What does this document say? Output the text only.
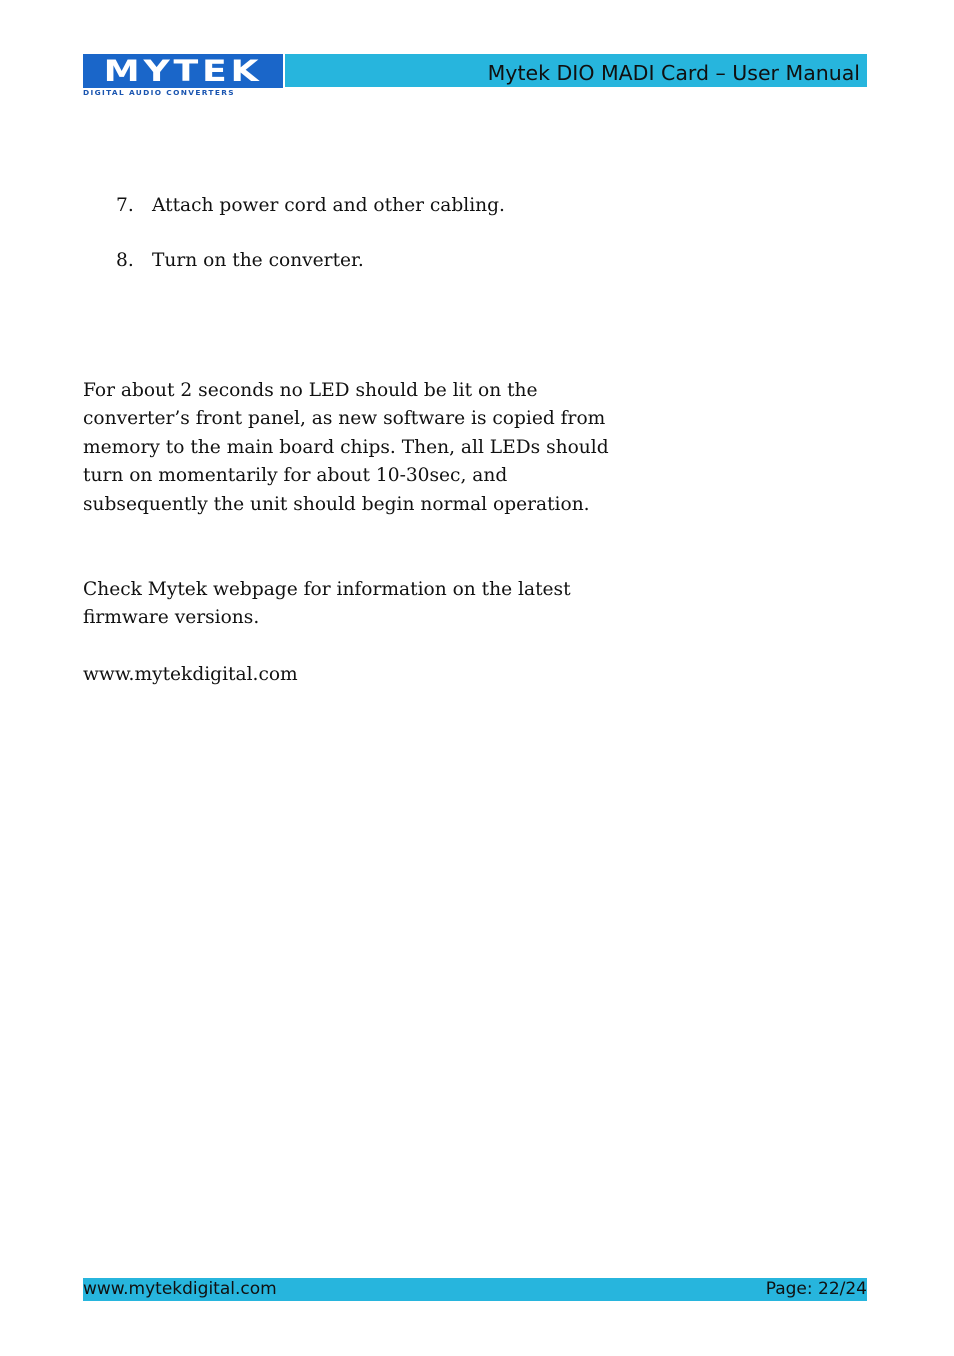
MYTEK
DIGITAL AUDIO CONVERTERS
Mytek DIO MADI Card – User Manual
7. Attach power cord and other cabling.
8. Turn on the converter.

For about 2 seconds no LED should be lit on the
converter’s front panel, as new software is copied from
memory to the main board chips. Then, all LEDs should
turn on momentarily for about 10-30sec, and
subsequently the unit should begin normal operation.

Check Mytek webpage for information on the latest
firmware versions.

www.mytekdigital.com

www.mytekdigital.com	Page: 22/24
